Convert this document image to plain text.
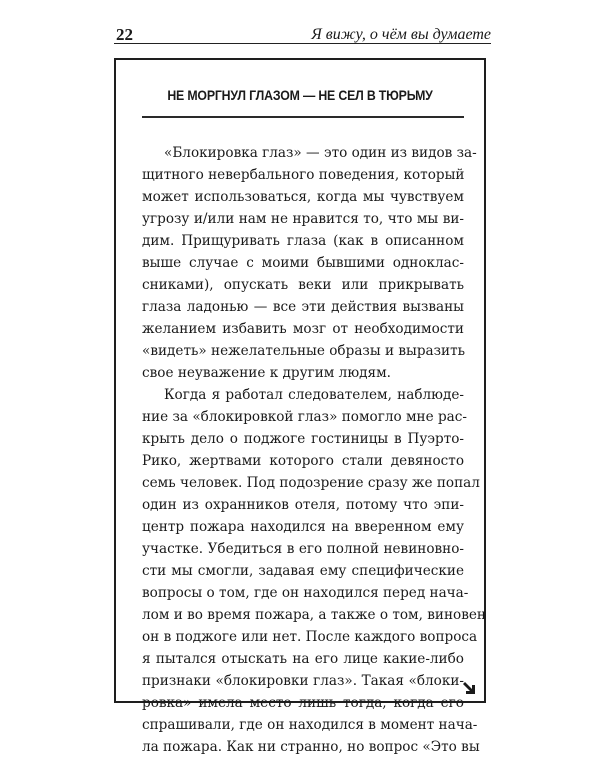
22	Я вижу, о чём вы думаете
НЕ МОРГНУЛ ГЛАЗОМ — НЕ СЕЛ В ТЮРЬМУ
«Блокировка глаз» — это один из видов за-
щитного невербального поведения, который
может использоваться, когда мы чувствуем
угрозу и/или нам не нравится то, что мы ви-
дим. Прищуривать глаза (как в описанном
выше случае с моими бывшими одноклас-
сниками), опускать веки или прикрывать
глаза ладонью — все эти действия вызваны
желанием избавить мозг от необходимости
«видеть» нежелательные образы и выразить
свое неуважение к другим людям.
Когда я работал следователем, наблюде-
ние за «блокировкой глаз» помогло мне рас-
крыть дело о поджоге гостиницы в Пуэрто-
Рико, жертвами которого стали девяносто
семь человек. Под подозрение сразу же попал
один из охранников отеля, потому что эпи-
центр пожара находился на вверенном ему
участке. Убедиться в его полной невиновно-
сти мы смогли, задавая ему специфические
вопросы о том, где он находился перед нача-
лом и во время пожара, а также о том, виновен
он в поджоге или нет. После каждого вопроса
я пытался отыскать на его лице какие-либо
признаки «блокировки глаз». Такая «блоки-
ровка» имела место лишь тогда, когда его
спрашивали, где он находился в момент нача-
ла пожара. Как ни странно, но вопрос «Это вы
